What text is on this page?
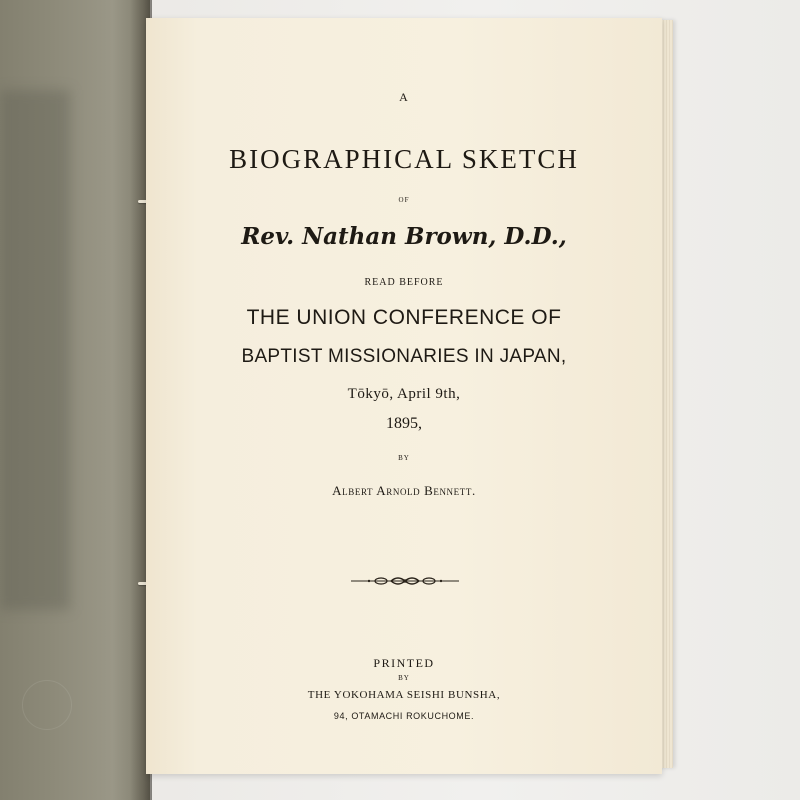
A
BIOGRAPHICAL SKETCH
OF
Rev. Nathan Brown, D.D.,
READ BEFORE
THE UNION CONFERENCE OF
BAPTIST MISSIONARIES IN JAPAN,
Tōkyō, April 9th,
1895,
BY
Albert Arnold Bennett.
PRINTED
BY
THE YOKOHAMA SEISHI BUNSHA,
94, OTAMACHI ROKUCHOME.
